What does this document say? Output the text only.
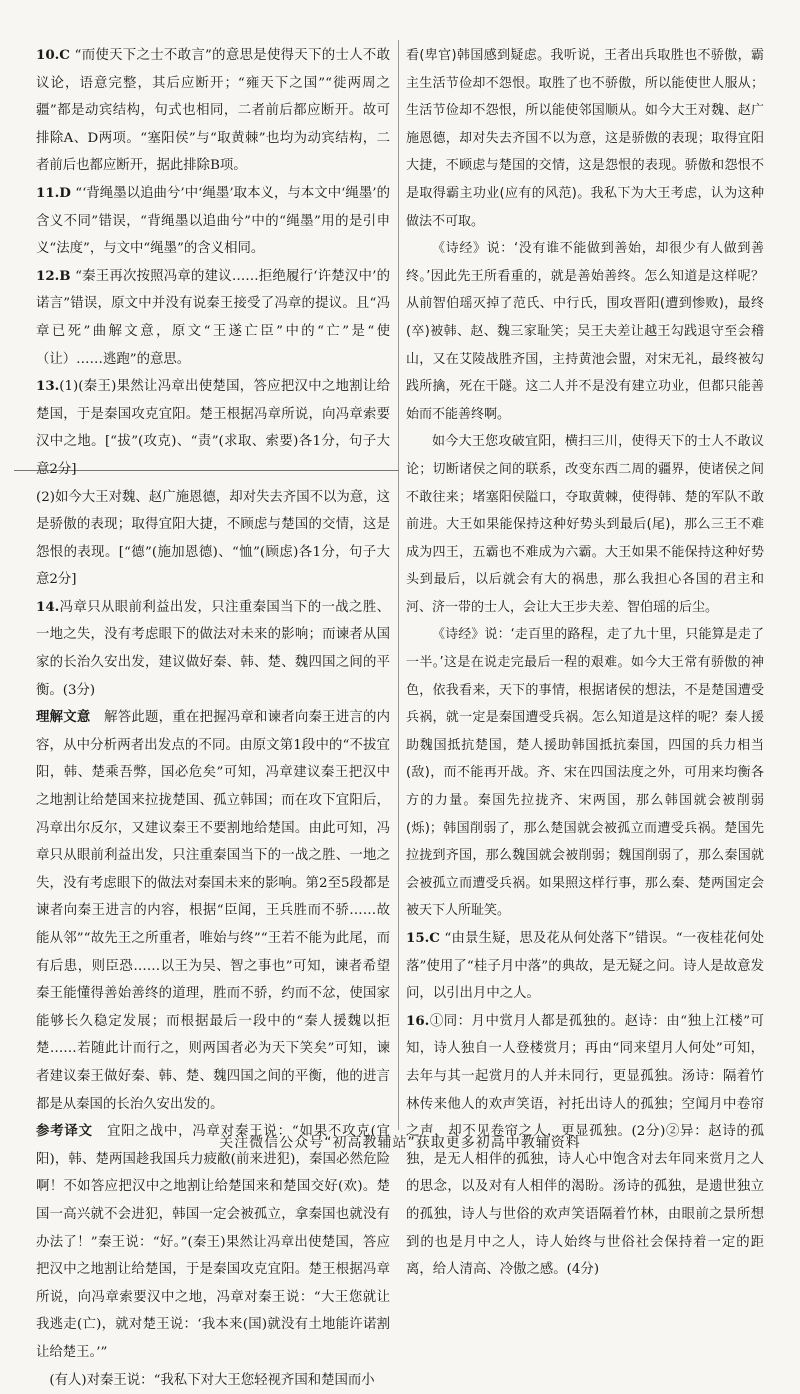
10.C “而使天下之士不敢言”的意思是使得天下的士人不敢议论，语意完整，其后应断开；“雍天下之国”“徙两周之疆”都是动宾结构，句式也相同，二者前后都应断开。故可排除A、D两项。“塞阳侯”与“取黄棘”也均为动宾结构，二者前后也都应断开，据此排除B项。

11.D “‘背绳墨以追曲兮’中‘绳墨’取本义，与本文中‘绳墨’的含义不同”错误，“背绳墨以追曲兮”中的“绳墨”用的是引申义“法度”，与文中“绳墨”的含义相同。

12.B “秦王再次按照冯章的建议……拒绝履行‘许楚汉中’的诺言”错误，原文中并没有说秦王接受了冯章的提议。且“冯章已死”曲解文意，原文“王遂亡臣”中的“亡”是“使（让）……逃跑”的意思。

13.(1)(秦王)果然让冯章出使楚国，答应把汉中之地割让给楚国，于是秦国攻克宜阳。楚王根据冯章所说，向冯章索要汉中之地。[“拔”(攻克)、“责”(求取、索要)各1分，句子大意2分]

(2)如今大王对魏、赵广施恩德，却对失去齐国不以为意，这是骄傲的表现；取得宜阳大捷，不顾虑与楚国的交情，这是怨恨的表现。[“德”(施加恩德)、“恤”(顾虑)各1分，句子大意2分]

14.冯章只从眼前利益出发，只注重秦国当下的一战之胜、一地之失，没有考虑眼下的做法对未来的影响；而谏者从国家的长治久安出发，建议做好秦、韩、楚、魏四国之间的平衡。(3分)

理解文意　解答此题，重在把握冯章和谏者向秦王进言的内容，从中分析两者出发点的不同。由原文第1段中的“不拔宜阳，韩、楚乘吾弊，国必危矣”可知，冯章建议秦王把汉中之地割让给楚国来拉拢楚国、孤立韩国；而在攻下宜阳后，冯章出尔反尔，又建议秦王不要割地给楚国。由此可知，冯章只从眼前利益出发，只注重秦国当下的一战之胜、一地之失，没有考虑眼下的做法对秦国未来的影响。第2至5段都是谏者向秦王进言的内容，根据“臣闻，王兵胜而不骄……故能从邻”“故先王之所重者，唯始与终”“王若不能为此尾，而有后患，则臣恐……以王为吴、智之事也”可知，谏者希望秦王能懂得善始善终的道理，胜而不骄，约而不忿，使国家能够长久稳定发展；而根据最后一段中的“秦人援魏以拒楚……若随此计而行之，则两国者必为天下笑矣”可知，谏者建议秦王做好秦、韩、楚、魏四国之间的平衡，他的进言都是从秦国的长治久安出发的。

参考译文　宜阳之战中，冯章对秦王说：“如果不攻克(宜阳)，韩、楚两国趁我国兵力疲敝(前来进犯)，秦国必然危险啊！不如答应把汉中之地割让给楚国来和楚国交好(欢)。楚国一高兴就不会进犯，韩国一定会被孤立，拿秦国也就没有办法了！”秦王说：“好。”(秦王)果然让冯章出使楚国，答应把汉中之地割让给楚国，于是秦国攻克宜阳。楚王根据冯章所说，向冯章索要汉中之地，冯章对秦王说：“大王您就让我逃走(亡)，就对楚王说：‘我本来(国)就没有土地能许诺割让给楚王。’”

　(有人)对秦王说：“我私下对大王您轻视齐国和楚国而小

看(卑官)韩国感到疑虑。我听说，王者出兵取胜也不骄傲，霸主生活节俭却不怨恨。取胜了也不骄傲，所以能使世人服从；生活节俭却不怨恨，所以能使邻国顺从。如今大王对魏、赵广施恩德，却对失去齐国不以为意，这是骄傲的表现；取得宜阳大捷，不顾虑与楚国的交情，这是怨恨的表现。骄傲和怨恨不是取得霸主功业(应有的风范)。我私下为大王考虑，认为这种做法不可取。

《诗经》说：‘没有谁不能做到善始，却很少有人做到善终。’因此先王所看重的，就是善始善终。怎么知道是这样呢？从前智伯瑶灭掉了范氏、中行氏，围攻晋阳(遭到惨败)，最终(卒)被韩、赵、魏三家耻笑；吴王夫差让越王勾践退守至会稽山，又在艾陵战胜齐国，主持黄池会盟，对宋无礼，最终被勾践所擒，死在干隧。这二人并不是没有建立功业，但都只能善始而不能善终啊。

如今大王您攻破宜阳，横扫三川，使得天下的士人不敢议论；切断诸侯之间的联系，改变东西二周的疆界，使诸侯之间不敢往来；堵塞阳侯隘口，夺取黄棘，使得韩、楚的军队不敢前进。大王如果能保持这种好势头到最后(尾)，那么三王不难成为四王，五霸也不难成为六霸。大王如果不能保持这种好势头到最后，以后就会有大的祸患，那么我担心各国的君主和河、济一带的士人，会让大王步夫差、智伯瑶的后尘。

《诗经》说：‘走百里的路程，走了九十里，只能算是走了一半。’这是在说走完最后一程的艰难。如今大王常有骄傲的神色，依我看来，天下的事情，根据诸侯的想法，不是楚国遭受兵祸，就一定是秦国遭受兵祸。怎么知道是这样的呢？秦人援助魏国抵抗楚国，楚人援助韩国抵抗秦国，四国的兵力相当(敌)，而不能再开战。齐、宋在四国法度之外，可用来均衡各方的力量。秦国先拉拢齐、宋两国，那么韩国就会被削弱(烁)；韩国削弱了，那么楚国就会被孤立而遭受兵祸。楚国先拉拢到齐国，那么魏国就会被削弱；魏国削弱了，那么秦国就会被孤立而遭受兵祸。如果照这样行事，那么秦、楚两国定会被天下人所耻笑。

15.C “由景生疑，思及花从何处落下”错误。“一夜桂花何处落”使用了“桂子月中落”的典故，是无疑之问。诗人是故意发问，以引出月中之人。

16.①同：月中赏月人都是孤独的。赵诗：由“独上江楼”可知，诗人独自一人登楼赏月；再由“同来望月人何处”可知，去年与其一起赏月的人并未同行，更显孤独。汤诗：隔着竹林传来他人的欢声笑语，衬托出诗人的孤独；空闻月中卷帘之声，却不见卷帘之人，更显孤独。(2分)②异：赵诗的孤独，是无人相伴的孤独，诗人心中饱含对去年同来赏月之人的思念，以及对有人相伴的渴盼。汤诗的孤独，是遗世独立的孤独，诗人与世俗的欢声笑语隔着竹林，由眼前之景所想到的也是月中之人，诗人始终与世俗社会保持着一定的距离，给人清高、冷傲之感。(4分)

关注微信公众号“初高教辅站”获取更多初高中教辅资料
